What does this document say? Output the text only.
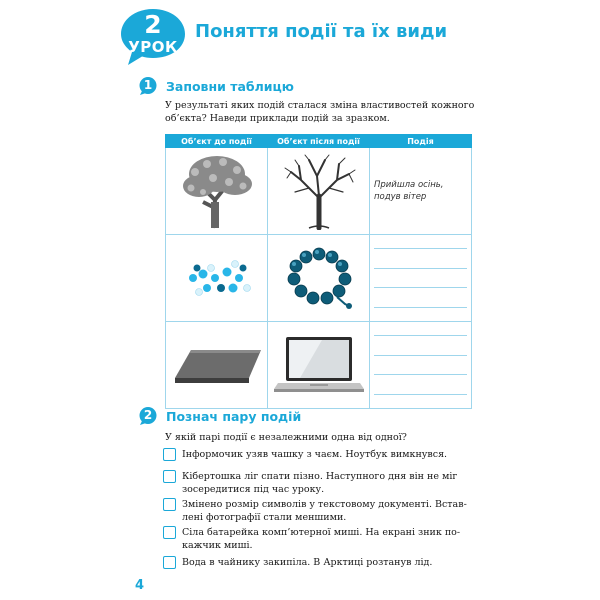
2
УРОК
Поняття події та їх види
1	Заповни таблицю
У результаті яких подій сталася зміна властивостей кожного
об’єкта? Наведи приклади подій за зразком.
Об’єкт до події	Об’єкт після події	Подія

Прийшла осінь,
подув вітер

2	Познач пару подій
У якій парі події є незалежними одна від одної?
Інформочик узяв чашку з чаєм. Ноутбук вимкнувся.
Кібертошка ліг спати пізно. Наступного дня він не міг
зосередитися під час уроку.
Змінено розмір символів у текстовому документі. Встав-
лені фотографії стали меншими.
Сіла батарейка комп’ютерної миші. На екрані зник по-
кажчик миші.
Вода в чайнику закипіла. В Арктиці розтанув лід.
4
